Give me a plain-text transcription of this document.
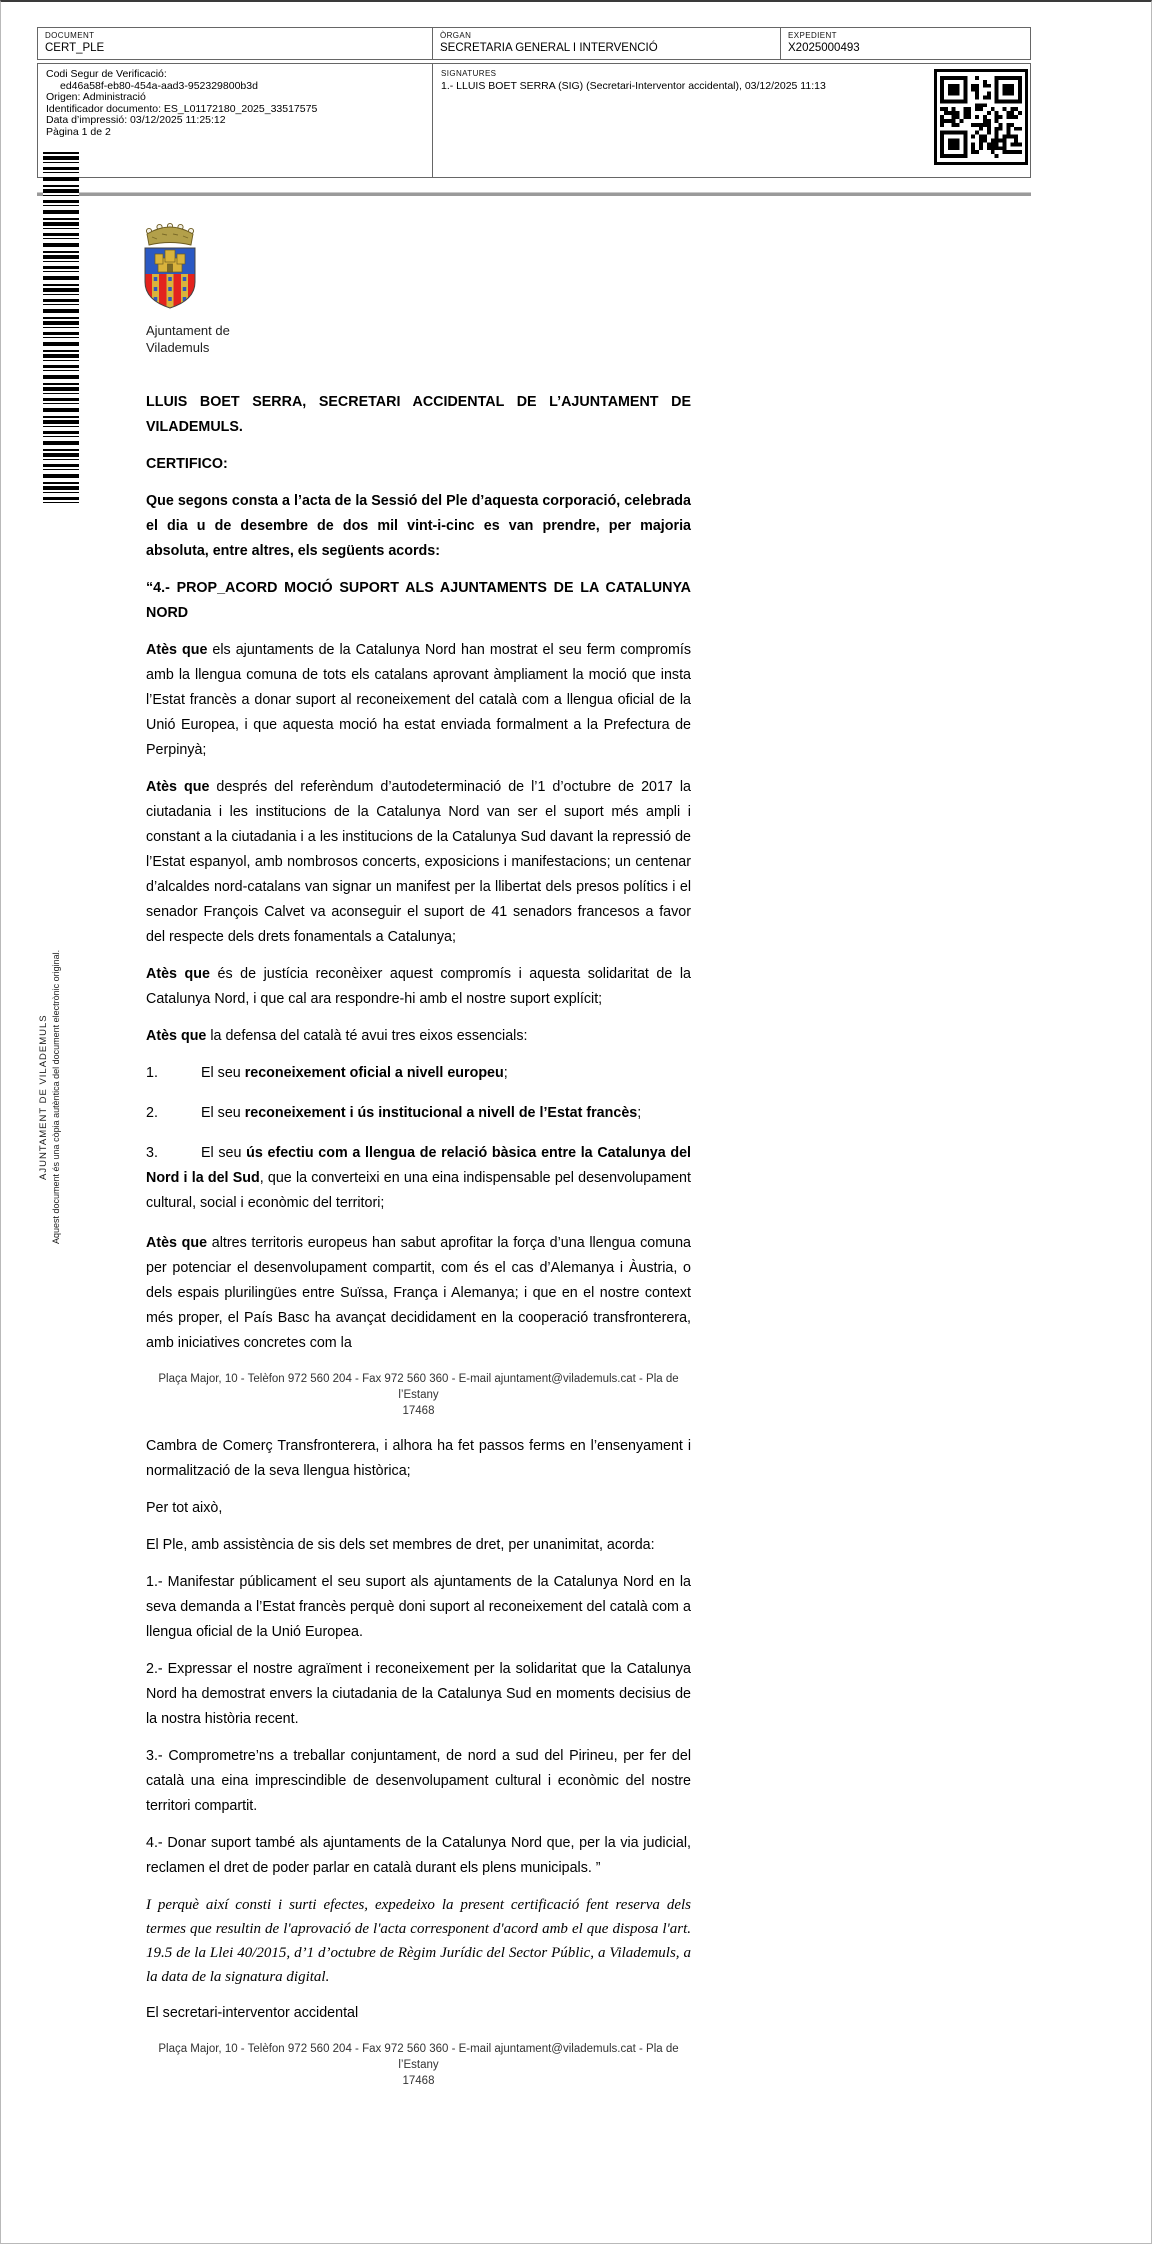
DOCUMENT
CERT_PLE
ÒRGAN
SECRETARIA GENERAL I INTERVENCIÓ
EXPEDIENT
X2025000493
Codi Segur de Verificació:
ed46a58f-eb80-454a-aad3-952329800b3d
Origen: Administració
Identificador documento: ES_L01172180_2025_33517575
Data d’impressió: 03/12/2025 11:25:12
Pàgina 1 de 2
SIGNATURES
1.- LLUIS BOET SERRA (SIG) (Secretari-Interventor accidental), 03/12/2025 11:13
Ajuntament de
Vilademuls
AJUNTAMENT DE VILADEMULS Aquest document és una còpia autèntica del document electrònic original.

LLUIS BOET SERRA, SECRETARI ACCIDENTAL DE L’AJUNTAMENT DE VILADEMULS.

CERTIFICO:

Que segons consta a l’acta de la Sessió del Ple d’aquesta corporació, celebrada el dia u de desembre de dos mil vint-i-cinc es van prendre, per majoria absoluta, entre altres, els següents acords:

“4.- PROP_ACORD MOCIÓ SUPORT ALS AJUNTAMENTS DE LA CATALUNYA NORD

Atès que els ajuntaments de la Catalunya Nord han mostrat el seu ferm compromís amb la llengua comuna de tots els catalans aprovant àmpliament la moció que insta l’Estat francès a donar suport al reconeixement del català com a llengua oficial de la Unió Europea, i que aquesta moció ha estat enviada formalment a la Prefectura de Perpinyà;

Atès que després del referèndum d’autodeterminació de l’1 d’octubre de 2017 la ciutadania i les institucions de la Catalunya Nord van ser el suport més ampli i constant a la ciutadania i a les institucions de la Catalunya Sud davant la repressió de l’Estat espanyol, amb nombrosos concerts, exposicions i manifestacions; un centenar d’alcaldes nord-catalans van signar un manifest per la llibertat dels presos polítics i el senador François Calvet va aconseguir el suport de 41 senadors francesos a favor del respecte dels drets fonamentals a Catalunya;

Atès que és de justícia reconèixer aquest compromís i aquesta solidaritat de la Catalunya Nord, i que cal ara respondre-hi amb el nostre suport explícit;

Atès que la defensa del català té avui tres eixos essencials:

1.	El seu reconeixement oficial a nivell europeu;

2.	El seu reconeixement i ús institucional a nivell de l’Estat francès;

3.	El seu ús efectiu com a llengua de relació bàsica entre la Catalunya del Nord i la del Sud, que la converteixi en una eina indispensable pel desenvolupament cultural, social i econòmic del territori;

Atès que altres territoris europeus han sabut aprofitar la força d’una llengua comuna per potenciar el desenvolupament compartit, com és el cas d’Alemanya i Àustria, o dels espais plurilingües entre Suïssa, França i Alemanya; i que en el nostre context més proper, el País Basc ha avançat decididament en la cooperació transfronterera, amb iniciatives concretes com la

Plaça Major, 10 - Telèfon 972 560 204 - Fax 972 560 360 - E-mail ajuntament@vilademuls.cat - Pla de l’Estany
17468

Cambra de Comerç Transfronterera, i alhora ha fet passos ferms en l’ensenyament i normalització de la seva llengua històrica;

Per tot això,

El Ple, amb assistència de sis dels set membres de dret, per unanimitat, acorda:

1.- Manifestar públicament el seu suport als ajuntaments de la Catalunya Nord en la seva demanda a l’Estat francès perquè doni suport al reconeixement del català com a llengua oficial de la Unió Europea.

2.- Expressar el nostre agraïment i reconeixement per la solidaritat que la Catalunya Nord ha demostrat envers la ciutadania de la Catalunya Sud en moments decisius de la nostra història recent.

3.- Comprometre’ns a treballar conjuntament, de nord a sud del Pirineu, per fer del català una eina imprescindible de desenvolupament cultural i econòmic del nostre territori compartit.

4.- Donar suport també als ajuntaments de la Catalunya Nord que, per la via judicial, reclamen el dret de poder parlar en català durant els plens municipals. ”

I perquè així consti i surti efectes, expedeixo la present certificació fent reserva dels termes que resultin de l'aprovació de l'acta corresponent d'acord amb el que disposa l'art. 19.5 de la Llei 40/2015, d’1 d’octubre de Règim Jurídic del Sector Públic, a Vilademuls, a la data de la signatura digital.

El secretari-interventor accidental

Plaça Major, 10 - Telèfon 972 560 204 - Fax 972 560 360 - E-mail ajuntament@vilademuls.cat - Pla de l’Estany
17468
